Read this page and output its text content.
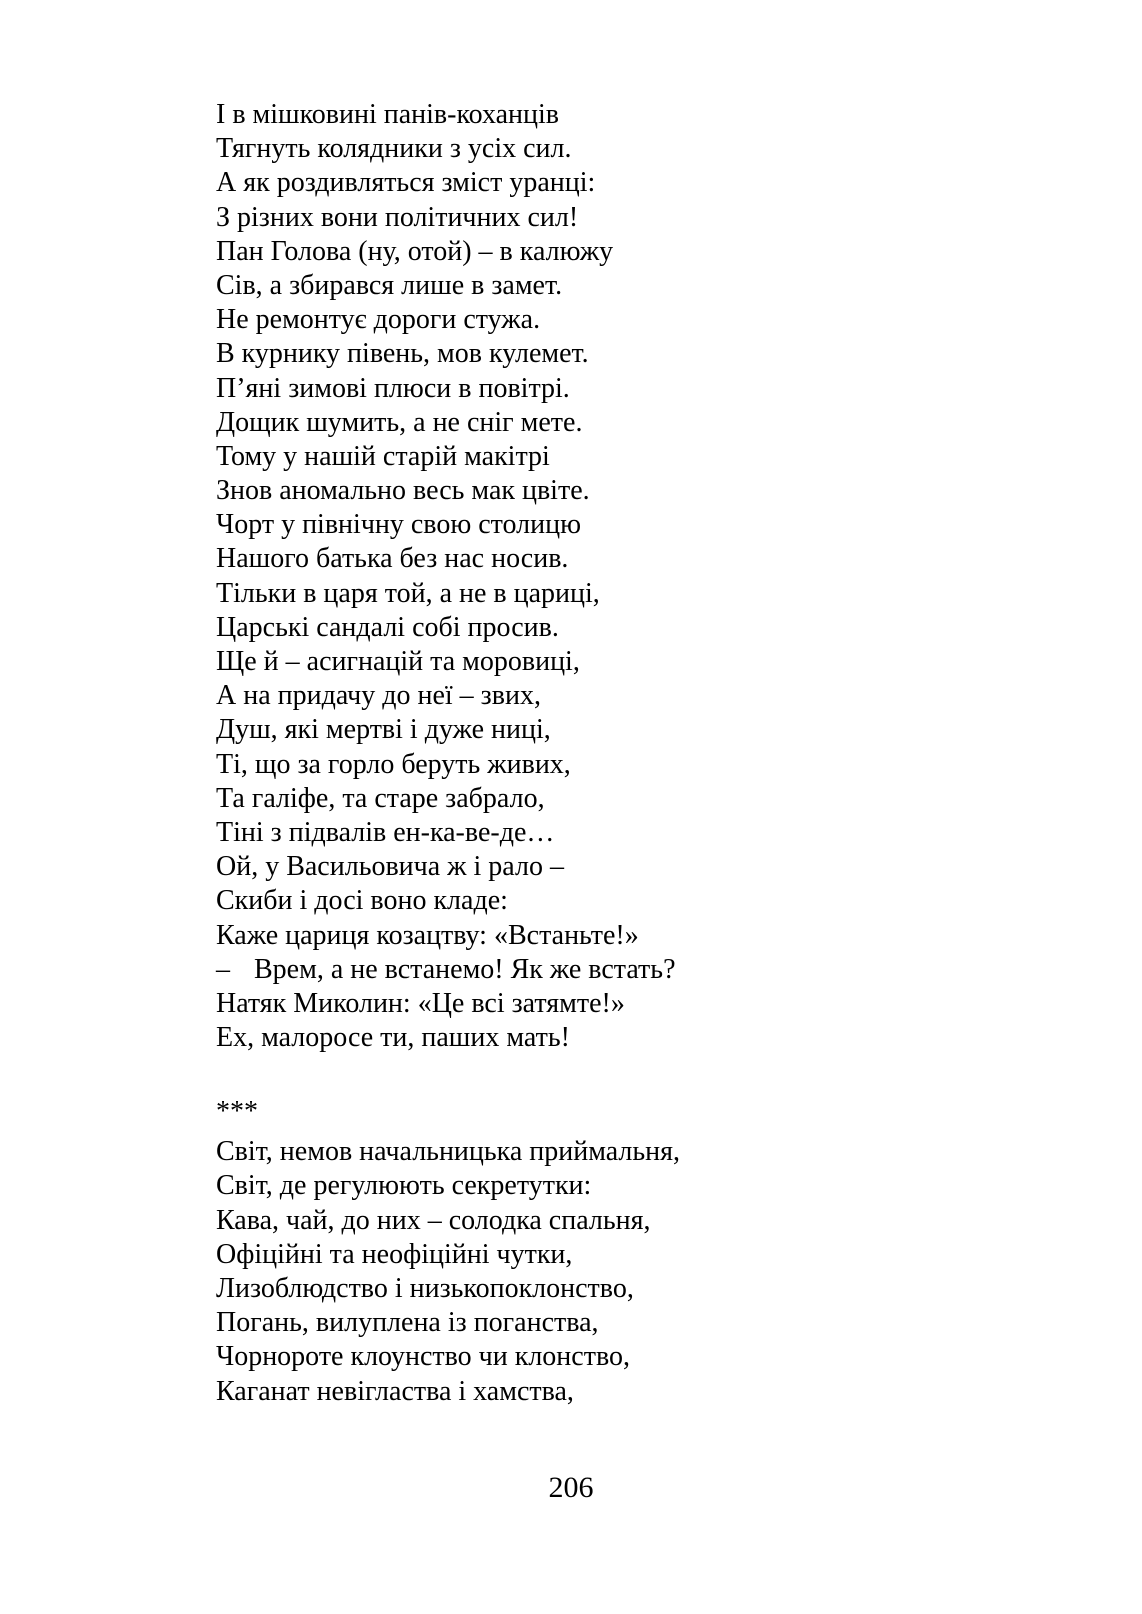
І в мішковині панів-коханців
Тягнуть колядники з усіх сил.
А як роздивляться зміст уранці:
З різних вони політичних сил!
Пан Голова (ну, отой) – в калюжу
Сів, а збирався лише в замет.
Не ремонтує дороги стужа.
В курнику півень, мов кулемет.
П’яні зимові плюси в повітрі.
Дощик шумить, а не сніг мете.
Тому у нашій старій макітрі
Знов аномально весь мак цвіте.
Чорт у північну свою столицю
Нашого батька без нас носив.
Тільки в царя той, а не в цариці,
Царські сандалі собі просив.
Ще й – асигнацій та моровиці,
А на придачу до неї – звих,
Душ, які мертві і дуже ниці,
Ті, що за горло беруть живих,
Та галіфе, та старе забрало,
Тіні з підвалів ен-ка-ве-де…
Ой, у Васильовича ж і рало –
Скиби і досі воно кладе:
Каже цариця козацтву: «Встаньте!»
– Врем, а не встанемо! Як же встать?
Натяк Миколин: «Це всі затямте!»
Ех, малоросе ти, паших мать!
***
Світ, немов начальницька приймальня,
Світ, де регулюють секретутки:
Кава, чай, до них – солодка спальня,
Офіційні та неофіційні чутки,
Лизоблюдство і низькопоклонство,
Погань, вилуплена із поганства,
Чорнороте клоунство чи клонство,
Каганат невігластва і хамства,
206
